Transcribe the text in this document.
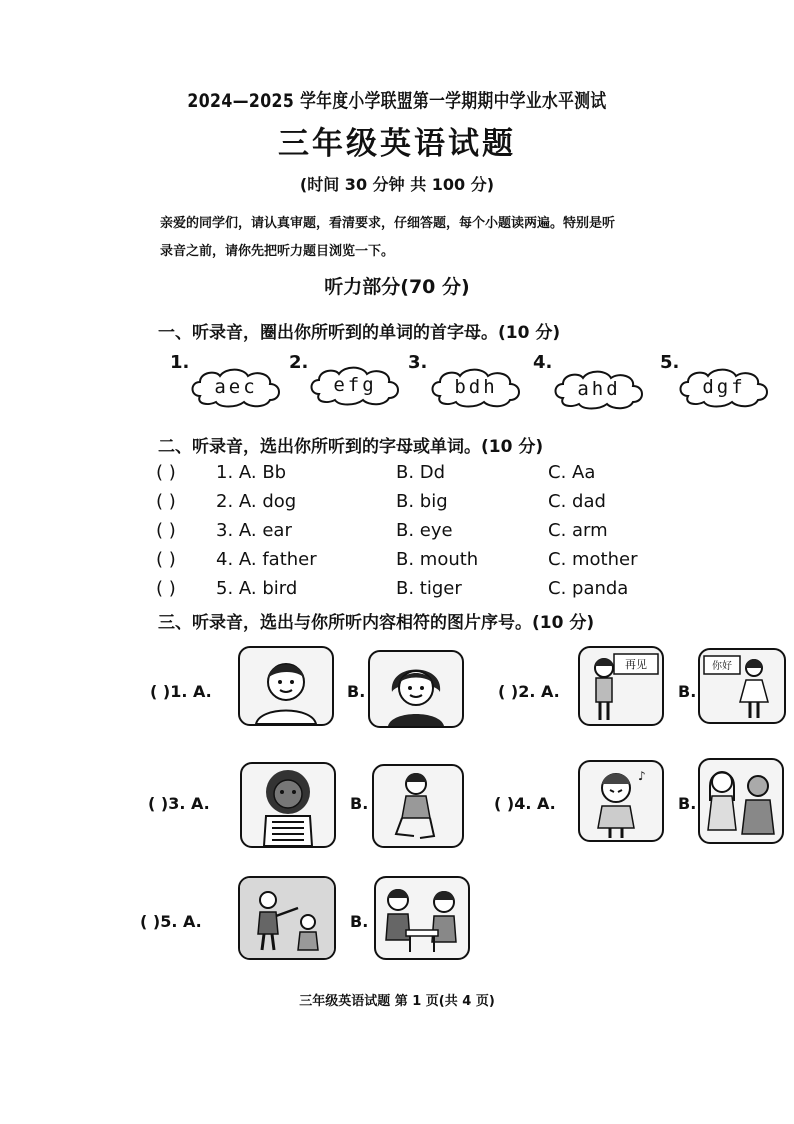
2024—2025 学年度小学联盟第一学期期中学业水平测试
三年级英语试题
(时间 30 分钟 共 100 分)
亲爱的同学们，请认真审题，看清要求，仔细答题，每个小题读两遍。特别是听
录音之前，请你先把听力题目浏览一下。
听力部分(70 分)
一、听录音，圈出你所听到的单词的首字母。(10 分)
1.
aec
2.
efg
3.
bdh
4.
ahd
5.
dgf
二、听录音，选出你所听到的字母或单词。(10 分)
( ) 1. A. Bb	B. Dd	C. Aa
( ) 2. A. dog	B. big	C. dad
( ) 3. A. ear	B. eye	C. arm
( ) 4. A. father	B. mouth	C. mother
( ) 5. A. bird	B. tiger	C. panda
三、听录音，选出与你所听内容相符的图片序号。(10 分)
( )1. A.	B.	( )2. A.
再见
B.
你好
( )3. A.	B.	( )4. A.
♪
B.
( )5. A.	B.
三年级英语试题 第 1 页(共 4 页)
